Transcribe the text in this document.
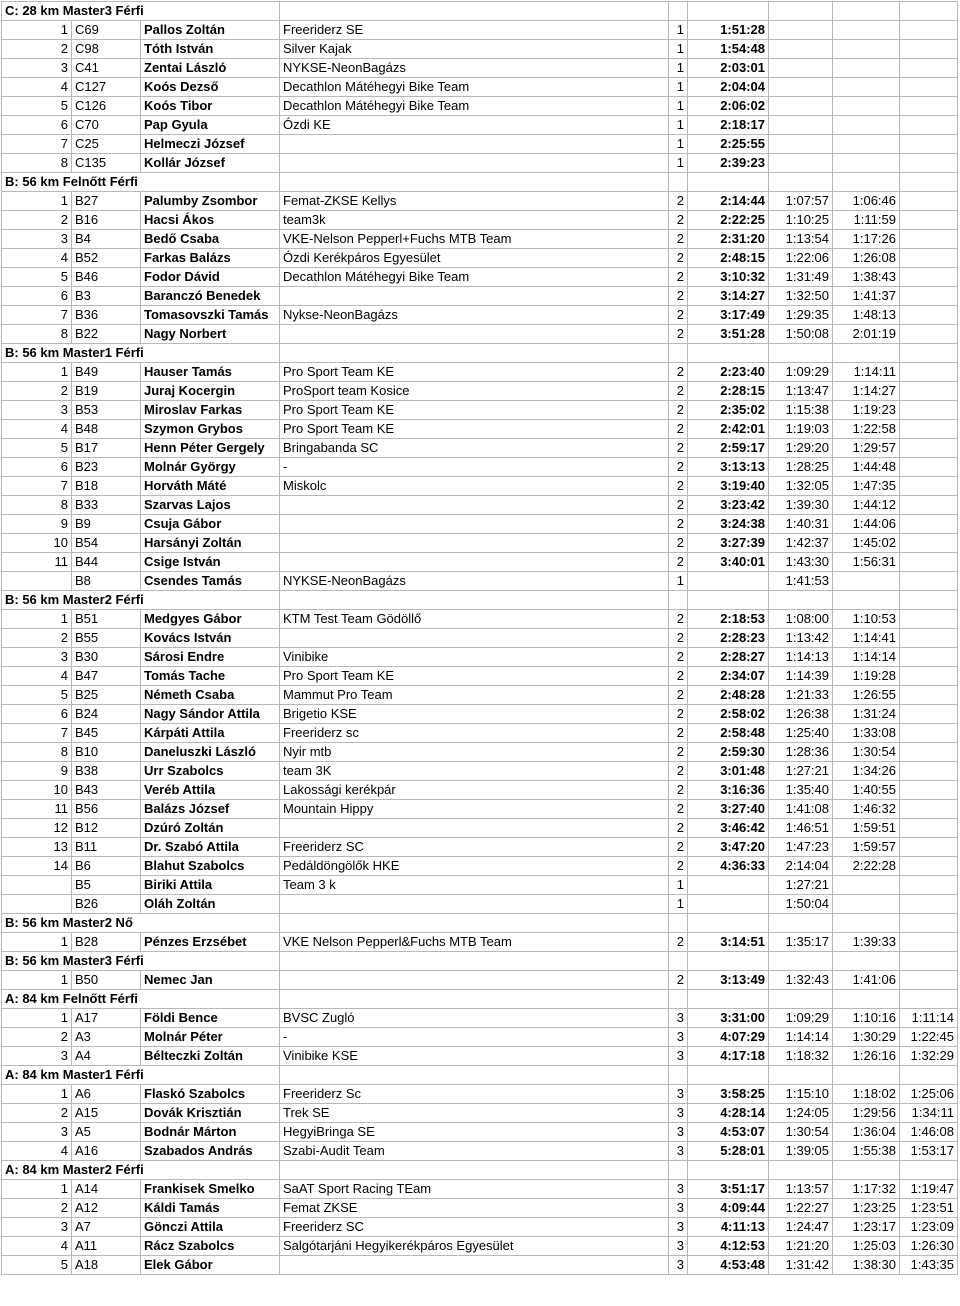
C: 28 km Master3 Férfi								
1	C69	Pallos Zoltán	Freeriderz SE	1	1:51:28			
2	C98	Tóth István	Silver Kajak	1	1:54:48			
3	C41	Zentai László	NYKSE-NeonBagázs	1	2:03:01			
4	C127	Koós Dezső	Decathlon Mátéhegyi Bike Team	1	2:04:04			
5	C126	Koós Tibor	Decathlon Mátéhegyi Bike Team	1	2:06:02			
6	C70	Pap Gyula	Ózdi KE	1	2:18:17			
7	C25	Helmeczi József		1	2:25:55			
8	C135	Kollár József		1	2:39:23			
B: 56 km Felnőtt Férfi								
1	B27	Palumby Zsombor	Femat-ZKSE Kellys	2	2:14:44	1:07:57	1:06:46	
2	B16	Hacsi Ákos	team3k	2	2:22:25	1:10:25	1:11:59	
3	B4	Bedő Csaba	VKE-Nelson Pepperl+Fuchs MTB Team	2	2:31:20	1:13:54	1:17:26	
4	B52	Farkas Balázs	Ózdi Kerékpáros Egyesület	2	2:48:15	1:22:06	1:26:08	
5	B46	Fodor Dávid	Decathlon Mátéhegyi Bike Team	2	3:10:32	1:31:49	1:38:43	
6	B3	Baranczó Benedek		2	3:14:27	1:32:50	1:41:37	
7	B36	Tomasovszki Tamás	Nykse-NeonBagázs	2	3:17:49	1:29:35	1:48:13	
8	B22	Nagy Norbert		2	3:51:28	1:50:08	2:01:19	
B: 56 km Master1 Férfi								
1	B49	Hauser Tamás	Pro Sport Team KE	2	2:23:40	1:09:29	1:14:11	
2	B19	Juraj Kocergin	ProSport team Kosice	2	2:28:15	1:13:47	1:14:27	
3	B53	Miroslav Farkas	Pro Sport Team KE	2	2:35:02	1:15:38	1:19:23	
4	B48	Szymon Grybos	Pro Sport Team KE	2	2:42:01	1:19:03	1:22:58	
5	B17	Henn Péter Gergely	Bringabanda SC	2	2:59:17	1:29:20	1:29:57	
6	B23	Molnár György	-	2	3:13:13	1:28:25	1:44:48	
7	B18	Horváth Máté	Miskolc	2	3:19:40	1:32:05	1:47:35	
8	B33	Szarvas Lajos		2	3:23:42	1:39:30	1:44:12	
9	B9	Csuja Gábor		2	3:24:38	1:40:31	1:44:06	
10	B54	Harsányi Zoltán		2	3:27:39	1:42:37	1:45:02	
11	B44	Csige István		2	3:40:01	1:43:30	1:56:31	
	B8	Csendes Tamás	NYKSE-NeonBagázs	1		1:41:53		
B: 56 km Master2 Férfi								
1	B51	Medgyes Gábor	KTM Test Team Gödöllő	2	2:18:53	1:08:00	1:10:53	
2	B55	Kovács István		2	2:28:23	1:13:42	1:14:41	
3	B30	Sárosi Endre	Vinibike	2	2:28:27	1:14:13	1:14:14	
4	B47	Tomás Tache	Pro Sport Team KE	2	2:34:07	1:14:39	1:19:28	
5	B25	Németh Csaba	Mammut Pro Team	2	2:48:28	1:21:33	1:26:55	
6	B24	Nagy Sándor Attila	Brigetio KSE	2	2:58:02	1:26:38	1:31:24	
7	B45	Kárpáti Attila	Freeriderz sc	2	2:58:48	1:25:40	1:33:08	
8	B10	Daneluszki László	Nyir mtb	2	2:59:30	1:28:36	1:30:54	
9	B38	Urr Szabolcs	team 3K	2	3:01:48	1:27:21	1:34:26	
10	B43	Veréb Attila	Lakossági kerékpár	2	3:16:36	1:35:40	1:40:55	
11	B56	Balázs József	Mountain Hippy	2	3:27:40	1:41:08	1:46:32	
12	B12	Dzúró Zoltán		2	3:46:42	1:46:51	1:59:51	
13	B11	Dr. Szabó Attila	Freeriderz SC	2	3:47:20	1:47:23	1:59:57	
14	B6	Blahut Szabolcs	Pedáldöngölők HKE	2	4:36:33	2:14:04	2:22:28	
	B5	Biriki Attila	Team 3 k	1		1:27:21		
	B26	Oláh Zoltán		1		1:50:04		
B: 56 km Master2 Nő								
1	B28	Pénzes Erzsébet	VKE Nelson Pepperl&Fuchs MTB Team	2	3:14:51	1:35:17	1:39:33	
B: 56 km Master3 Férfi								
1	B50	Nemec Jan		2	3:13:49	1:32:43	1:41:06	
A: 84 km Felnőtt Férfi								
1	A17	Földi Bence	BVSC Zugló	3	3:31:00	1:09:29	1:10:16	1:11:14
2	A3	Molnár Péter	-	3	4:07:29	1:14:14	1:30:29	1:22:45
3	A4	Bélteczki Zoltán	Vinibike KSE	3	4:17:18	1:18:32	1:26:16	1:32:29
A: 84 km Master1 Férfi								
1	A6	Flaskó Szabolcs	Freeriderz Sc	3	3:58:25	1:15:10	1:18:02	1:25:06
2	A15	Dovák Krisztián	Trek SE	3	4:28:14	1:24:05	1:29:56	1:34:11
3	A5	Bodnár Márton	HegyiBringa SE	3	4:53:07	1:30:54	1:36:04	1:46:08
4	A16	Szabados András	Szabi-Audit Team	3	5:28:01	1:39:05	1:55:38	1:53:17
A: 84 km Master2 Férfi								
1	A14	Frankisek Smelko	SaAT Sport Racing TEam	3	3:51:17	1:13:57	1:17:32	1:19:47
2	A12	Káldi Tamás	Femat ZKSE	3	4:09:44	1:22:27	1:23:25	1:23:51
3	A7	Gönczi Attila	Freeriderz SC	3	4:11:13	1:24:47	1:23:17	1:23:09
4	A11	Rácz Szabolcs	Salgótarjáni Hegyikerékpáros Egyesület	3	4:12:53	1:21:20	1:25:03	1:26:30
5	A18	Elek Gábor		3	4:53:48	1:31:42	1:38:30	1:43:35
